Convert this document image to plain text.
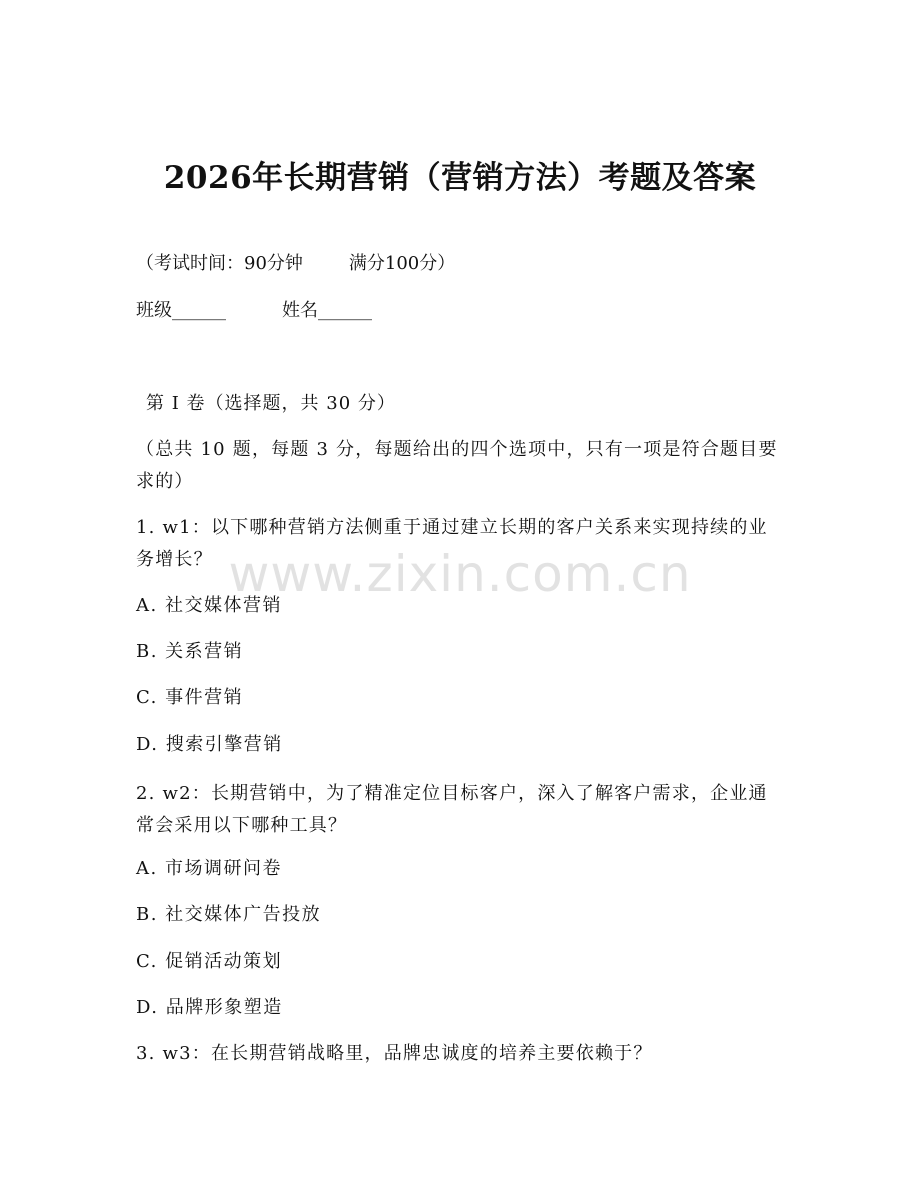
2026年长期营销（营销方法）考题及答案
（考试时间：90分钟	满分100分）
班级______	姓名______
第 I 卷（选择题，共 30 分）
（总共 10 题，每题 3 分，每题给出的四个选项中，只有一项是符合题目要求的）
1. w1：以下哪种营销方法侧重于通过建立长期的客户关系来实现持续的业务增长？
A. 社交媒体营销
B. 关系营销
C. 事件营销
D. 搜索引擎营销
2. w2：长期营销中，为了精准定位目标客户，深入了解客户需求，企业通常会采用以下哪种工具？
A. 市场调研问卷
B. 社交媒体广告投放
C. 促销活动策划
D. 品牌形象塑造
3. w3：在长期营销战略里，品牌忠诚度的培养主要依赖于？
www.zixin.com.cn
